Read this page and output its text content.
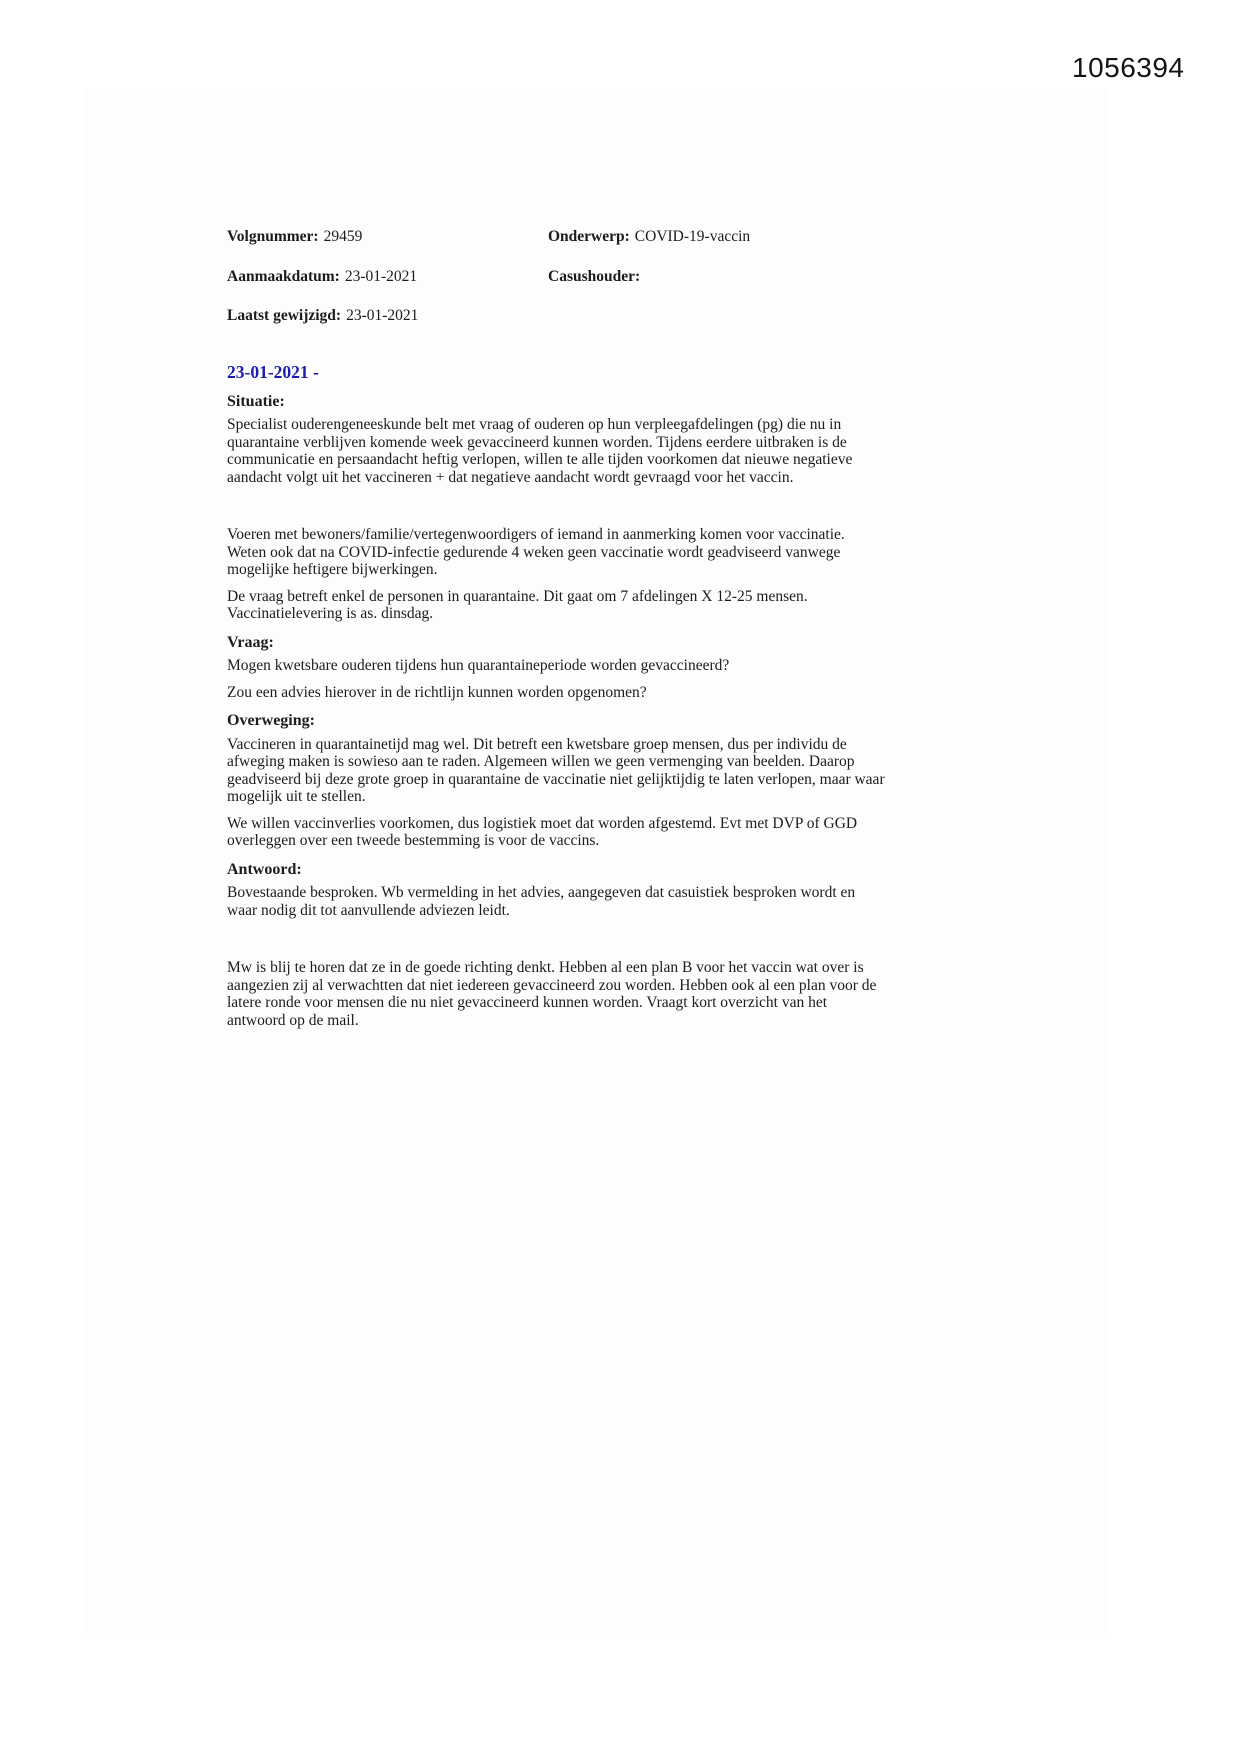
1056394
Volgnummer: 29459	Onderwerp: COVID-19-vaccin
Aanmaakdatum: 23-01-2021	Casushouder:
Laatst gewijzigd: 23-01-2021
23-01-2021 -
Situatie:

Specialist ouderengeneeskunde belt met vraag of ouderen op hun verpleegafdelingen (pg) die nu in quarantaine verblijven komende week gevaccineerd kunnen worden. Tijdens eerdere uitbraken is de communicatie en persaandacht heftig verlopen, willen te alle tijden voorkomen dat nieuwe negatieve aandacht volgt uit het vaccineren + dat negatieve aandacht wordt gevraagd voor het vaccin.

Voeren met bewoners/familie/vertegenwoordigers of iemand in aanmerking komen voor vaccinatie. Weten ook dat na COVID-infectie gedurende 4 weken geen vaccinatie wordt geadviseerd vanwege mogelijke heftigere bijwerkingen.

De vraag betreft enkel de personen in quarantaine. Dit gaat om 7 afdelingen X 12-25 mensen. Vaccinatielevering is as. dinsdag.

Vraag:

Mogen kwetsbare ouderen tijdens hun quarantaineperiode worden gevaccineerd?

Zou een advies hierover in de richtlijn kunnen worden opgenomen?

Overweging:

Vaccineren in quarantainetijd mag wel. Dit betreft een kwetsbare groep mensen, dus per individu de afweging maken is sowieso aan te raden. Algemeen willen we geen vermenging van beelden. Daarop geadviseerd bij deze grote groep in quarantaine de vaccinatie niet gelijktijdig te laten verlopen, maar waar mogelijk uit te stellen.

We willen vaccinverlies voorkomen, dus logistiek moet dat worden afgestemd. Evt met DVP of GGD overleggen over een tweede bestemming is voor de vaccins.

Antwoord:

Bovestaande besproken. Wb vermelding in het advies, aangegeven dat casuistiek besproken wordt en waar nodig dit tot aanvullende adviezen leidt.

Mw is blij te horen dat ze in de goede richting denkt. Hebben al een plan B voor het vaccin wat over is aangezien zij al verwachtten dat niet iedereen gevaccineerd zou worden. Hebben ook al een plan voor de latere ronde voor mensen die nu niet gevaccineerd kunnen worden. Vraagt kort overzicht van het antwoord op de mail.
